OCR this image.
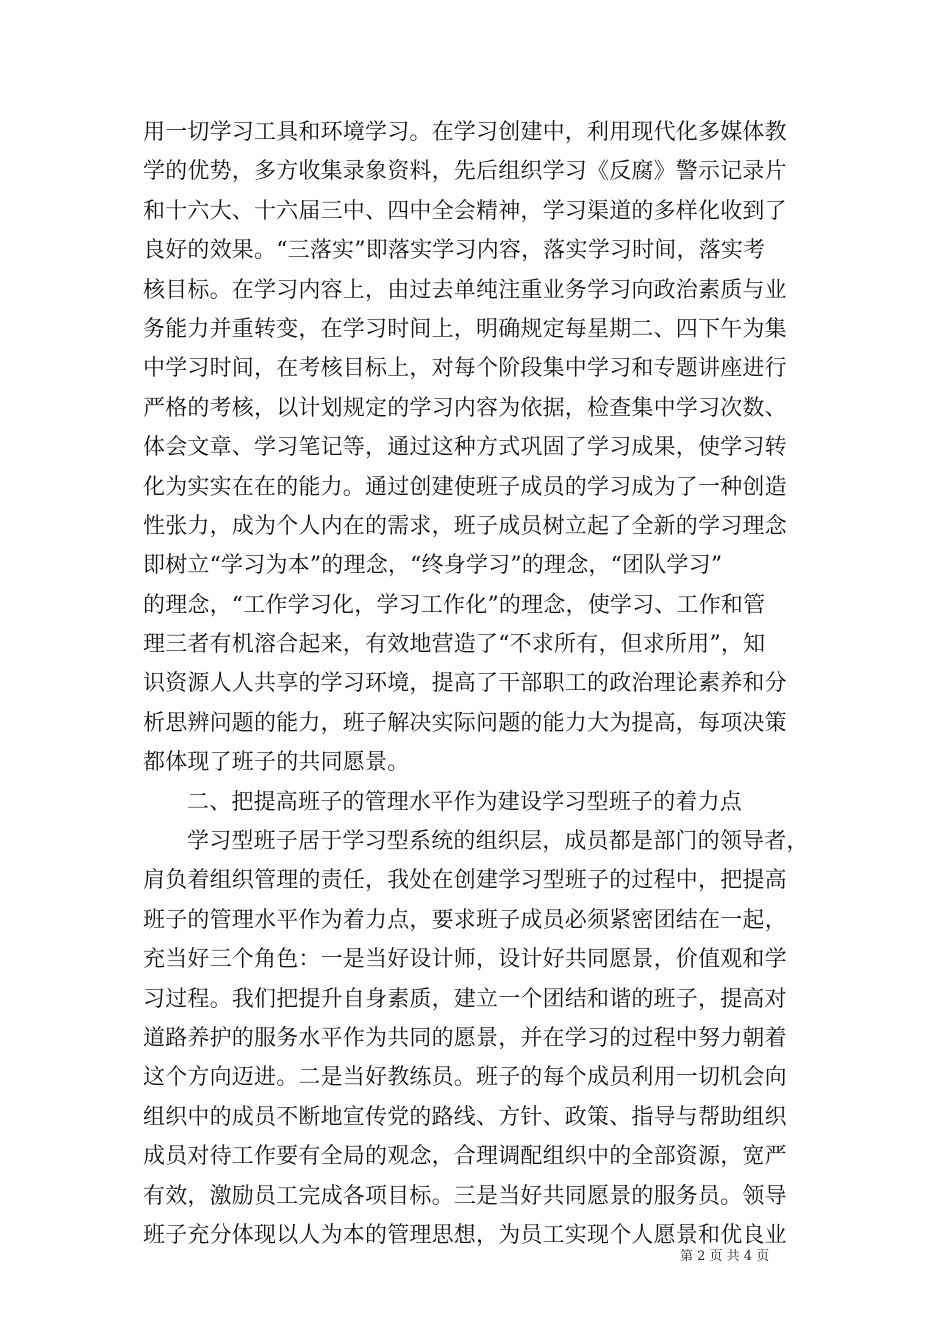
用一切学习工具和环境学习。在学习创建中，利用现代化多媒体教
学的优势，多方收集录象资料，先后组织学习《反腐》警示记录片
和十六大、十六届三中、四中全会精神，学习渠道的多样化收到了
良好的效果。“三落实”即落实学习内容，落实学习时间，落实考
核目标。在学习内容上，由过去单纯注重业务学习向政治素质与业
务能力并重转变，在学习时间上，明确规定每星期二、四下午为集
中学习时间，在考核目标上，对每个阶段集中学习和专题讲座进行
严格的考核，以计划规定的学习内容为依据，检查集中学习次数、
体会文章、学习笔记等，通过这种方式巩固了学习成果，使学习转
化为实实在在的能力。通过创建使班子成员的学习成为了一种创造
性张力，成为个人内在的需求，班子成员树立起了全新的学习理念
即树立“学习为本”的理念，“终身学习”的理念，“团队学习”
的理念，“工作学习化，学习工作化”的理念，使学习、工作和管
理三者有机溶合起来，有效地营造了“不求所有，但求所用”，知
识资源人人共享的学习环境，提高了干部职工的政治理论素养和分
析思辨问题的能力，班子解决实际问题的能力大为提高，每项决策
都体现了班子的共同愿景。
二、把提高班子的管理水平作为建设学习型班子的着力点
学习型班子居于学习型系统的组织层，成员都是部门的领导者，
肩负着组织管理的责任，我处在创建学习型班子的过程中，把提高
班子的管理水平作为着力点，要求班子成员必须紧密团结在一起，
充当好三个角色：一是当好设计师，设计好共同愿景，价值观和学
习过程。我们把提升自身素质，建立一个团结和谐的班子，提高对
道路养护的服务水平作为共同的愿景，并在学习的过程中努力朝着
这个方向迈进。二是当好教练员。班子的每个成员利用一切机会向
组织中的成员不断地宣传党的路线、方针、政策、指导与帮助组织
成员对待工作要有全局的观念，合理调配组织中的全部资源，宽严
有效，激励员工完成各项目标。三是当好共同愿景的服务员。领导
班子充分体现以人为本的管理思想，为员工实现个人愿景和优良业
第 2 页 共 4 页
